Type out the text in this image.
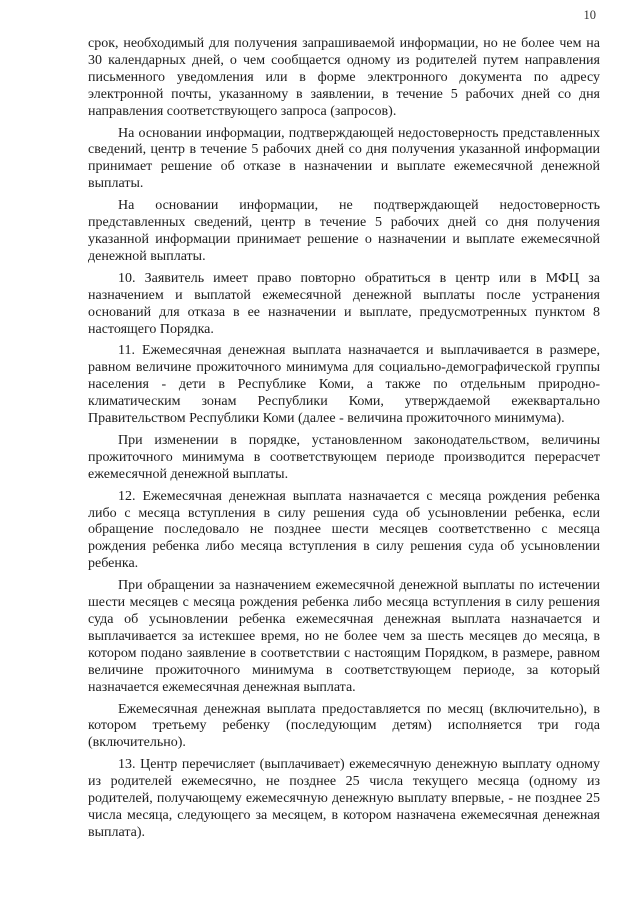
10

срок, необходимый для получения запрашиваемой информации, но не более чем на 30 календарных дней, о чем сообщается одному из родителей путем направления письменного уведомления или в форме электронного документа по адресу электронной почты, указанному в заявлении, в течение 5 рабочих дней со дня направления соответствующего запроса (запросов).

На основании информации, подтверждающей недостоверность представленных сведений, центр в течение 5 рабочих дней со дня получения указанной информации принимает решение об отказе в назначении и выплате ежемесячной денежной выплаты.

На основании информации, не подтверждающей недостоверность представленных сведений, центр в течение 5 рабочих дней со дня получения указанной информации принимает решение о назначении и выплате ежемесячной денежной выплаты.

10. Заявитель имеет право повторно обратиться в центр или в МФЦ за назначением и выплатой ежемесячной денежной выплаты после устранения оснований для отказа в ее назначении и выплате, предусмотренных пунктом 8 настоящего Порядка.

11. Ежемесячная денежная выплата назначается и выплачивается в размере, равном величине прожиточного минимума для социально-демографической группы населения - дети в Республике Коми, а также по отдельным природно-климатическим зонам Республики Коми, утверждаемой ежеквартально Правительством Республики Коми (далее - величина прожиточного минимума).

При изменении в порядке, установленном законодательством, величины прожиточного минимума в соответствующем периоде производится перерасчет ежемесячной денежной выплаты.

12. Ежемесячная денежная выплата назначается с месяца рождения ребенка либо с месяца вступления в силу решения суда об усыновлении ребенка, если обращение последовало не позднее шести месяцев соответственно с месяца рождения ребенка либо месяца вступления в силу решения суда об усыновлении ребенка.

При обращении за назначением ежемесячной денежной выплаты по истечении шести месяцев с месяца рождения ребенка либо месяца вступления в силу решения суда об усыновлении ребенка ежемесячная денежная выплата назначается и выплачивается за истекшее время, но не более чем за шесть месяцев до месяца, в котором подано заявление в соответствии с настоящим Порядком, в размере, равном величине прожиточного минимума в соответствующем периоде, за который назначается ежемесячная денежная выплата.

Ежемесячная денежная выплата предоставляется по месяц (включительно), в котором третьему ребенку (последующим детям) исполняется три года (включительно).

13. Центр перечисляет (выплачивает) ежемесячную денежную выплату одному из родителей ежемесячно, не позднее 25 числа текущего месяца (одному из родителей, получающему ежемесячную денежную выплату впервые, - не позднее 25 числа месяца, следующего за месяцем, в котором назначена ежемесячная денежная выплата).
